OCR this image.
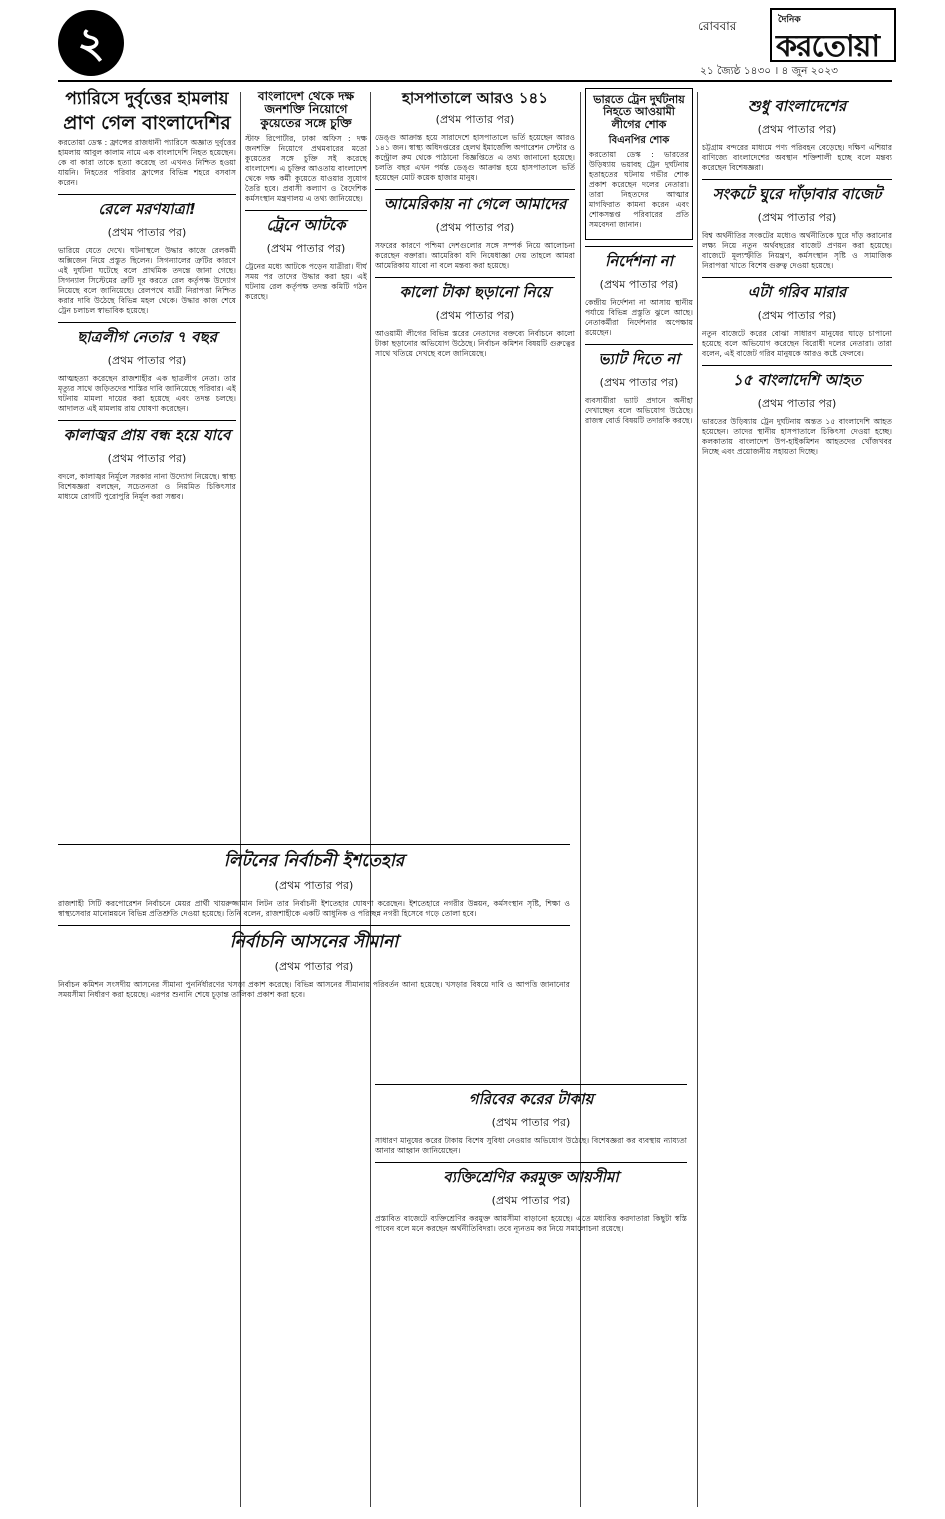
২	রোববার	দৈনিক
করতোয়া
২১ জ্যৈষ্ঠ ১৪৩০ । ৪ জুন ২০২৩
প্যারিসে দুর্বৃত্তের হামলায়
প্রাণ গেল বাংলাদেশির

করতোয়া ডেস্ক : ফ্রান্সের রাজধানী প্যারিসে অজ্ঞাত দুর্বৃত্তের হামলায় আবুল কালাম নামে এক বাংলাদেশি নিহত হয়েছেন। কে বা কারা তাকে হত্যা করেছে তা এখনও নিশ্চিত হওয়া যায়নি। নিহতের পরিবার ফ্রান্সের বিভিন্ন শহরে বসবাস করেন।

রেলে মরণযাত্রা!
(প্রথম পাতার পর)

ভারিয়ে যেতে দেখে। ঘটনাস্থলে উদ্ধার কাজে রেলকর্মী অক্সিজেন নিয়ে প্রস্তুত ছিলেন। সিগন্যালের ত্রুটির কারণে এই দুর্ঘটনা ঘটেছে বলে প্রাথমিক তদন্তে জানা গেছে। সিগন্যাল সিস্টেমের ত্রুটি দূর করতে রেল কর্তৃপক্ষ উদ্যোগ নিয়েছে বলে জানিয়েছে। রেলপথে যাত্রী নিরাপত্তা নিশ্চিত করার দাবি উঠেছে বিভিন্ন মহল থেকে। উদ্ধার কাজ শেষে ট্রেন চলাচল স্বাভাবিক হয়েছে।

ছাত্রলীগ নেতার ৭ বছর
(প্রথম পাতার পর)

আত্মহত্যা করেছেন রাজশাহীর এক ছাত্রলীগ নেতা। তার মৃত্যুর সাথে জড়িতদের শাস্তির দাবি জানিয়েছে পরিবার। এই ঘটনায় মামলা দায়ের করা হয়েছে এবং তদন্ত চলছে। আদালত এই মামলায় রায় ঘোষণা করেছেন।

কালাজ্বর প্রায় বন্ধ হয়ে যাবে
(প্রথম পাতার পর)

বদলে, কালাজ্বর নির্মূলে সরকার নানা উদ্যোগ নিয়েছে। স্বাস্থ্য বিশেষজ্ঞরা বলছেন, সচেতনতা ও নিয়মিত চিকিৎসার মাধ্যমে রোগটি পুরোপুরি নির্মূল করা সম্ভব।

বাংলাদেশ থেকে দক্ষ জনশক্তি নিয়োগে কুয়েতের সঙ্গে চুক্তি

স্টাফ রিপোর্টার, ঢাকা অফিস : দক্ষ জনশক্তি নিয়োগে প্রথমবারের মতো কুয়েতের সঙ্গে চুক্তি সই করেছে বাংলাদেশ। এ চুক্তির আওতায় বাংলাদেশ থেকে দক্ষ কর্মী কুয়েতে যাওয়ার সুযোগ তৈরি হবে। প্রবাসী কল্যাণ ও বৈদেশিক কর্মসংস্থান মন্ত্রণালয় এ তথ্য জানিয়েছে।

ট্রেনে আটকে
(প্রথম পাতার পর)

ট্রেনের মধ্যে আটকে পড়েন যাত্রীরা। দীর্ঘ সময় পর তাদের উদ্ধার করা হয়। এই ঘটনায় রেল কর্তৃপক্ষ তদন্ত কমিটি গঠন করেছে।

হাসপাতালে আরও ১৪১
(প্রথম পাতার পর)

ডেঙ্গু আক্রান্ত হয়ে সারাদেশে হাসপাতালে ভর্তি হয়েছেন আরও ১৪১ জন। স্বাস্থ্য অধিদপ্তরের হেলথ ইমার্জেন্সি অপারেশন সেন্টার ও কন্ট্রোল রুম থেকে পাঠানো বিজ্ঞপ্তিতে এ তথ্য জানানো হয়েছে। চলতি বছর এখন পর্যন্ত ডেঙ্গু আক্রান্ত হয়ে হাসপাতালে ভর্তি হয়েছেন মোট কয়েক হাজার মানুষ।

আমেরিকায় না গেলে আমাদের
(প্রথম পাতার পর)

সফরের কারণে পশ্চিমা দেশগুলোর সঙ্গে সম্পর্ক নিয়ে আলোচনা করেছেন বক্তারা। আমেরিকা যদি নিষেধাজ্ঞা দেয় তাহলে আমরা আমেরিকায় যাবো না বলে মন্তব্য করা হয়েছে।

কালো টাকা ছড়ানো নিয়ে
(প্রথম পাতার পর)

আওয়ামী লীগের বিভিন্ন স্তরের নেতাদের বক্তব্যে নির্বাচনে কালো টাকা ছড়ানোর অভিযোগ উঠেছে। নির্বাচন কমিশন বিষয়টি গুরুত্বের সাথে খতিয়ে দেখছে বলে জানিয়েছে।

ভারতে ট্রেন দুর্ঘটনায় নিহতে আওয়ামী লীগের শোক
বিএনপির শোক

করতোয়া ডেস্ক : ভারতের উড়িষ্যায় ভয়াবহ ট্রেন দুর্ঘটনায় হতাহতের ঘটনায় গভীর শোক প্রকাশ করেছেন দলের নেতারা। তারা নিহতদের আত্মার মাগফিরাত কামনা করেন এবং শোকসন্তপ্ত পরিবারের প্রতি সমবেদনা জানান।

নির্দেশনা না
(প্রথম পাতার পর)

কেন্দ্রীয় নির্দেশনা না আসায় স্থানীয় পর্যায়ে বিভিন্ন প্রস্তুতি ঝুলে আছে। নেতাকর্মীরা নির্দেশনার অপেক্ষায় রয়েছেন।

ভ্যাট দিতে না
(প্রথম পাতার পর)

ব্যবসায়ীরা ভ্যাট প্রদানে অনীহা দেখাচ্ছেন বলে অভিযোগ উঠেছে। রাজস্ব বোর্ড বিষয়টি তদারকি করছে।

শুধু বাংলাদেশের
(প্রথম পাতার পর)

চট্টগ্রাম বন্দরের মাধ্যমে পণ্য পরিবহন বেড়েছে। দক্ষিণ এশিয়ার বাণিজ্যে বাংলাদেশের অবস্থান শক্তিশালী হচ্ছে বলে মন্তব্য করেছেন বিশেষজ্ঞরা।

সংকটে ঘুরে দাঁড়াবার বাজেট
(প্রথম পাতার পর)

বিশ্ব অর্থনীতির সংকটের মধ্যেও অর্থনীতিকে ঘুরে দাঁড় করানোর লক্ষ্য নিয়ে নতুন অর্থবছরের বাজেট প্রণয়ন করা হয়েছে। বাজেটে মূল্যস্ফীতি নিয়ন্ত্রণ, কর্মসংস্থান সৃষ্টি ও সামাজিক নিরাপত্তা খাতে বিশেষ গুরুত্ব দেওয়া হয়েছে।

এটা গরিব মারার
(প্রথম পাতার পর)

নতুন বাজেটে করের বোঝা সাধারণ মানুষের ঘাড়ে চাপানো হয়েছে বলে অভিযোগ করেছেন বিরোধী দলের নেতারা। তারা বলেন, এই বাজেট গরিব মানুষকে আরও কষ্টে ফেলবে।

১৫ বাংলাদেশি আহত
(প্রথম পাতার পর)

ভারতের উড়িষ্যায় ট্রেন দুর্ঘটনায় অন্তত ১৫ বাংলাদেশি আহত হয়েছেন। তাদের স্থানীয় হাসপাতালে চিকিৎসা দেওয়া হচ্ছে। কলকাতায় বাংলাদেশ উপ-হাইকমিশন আহতদের খোঁজখবর নিচ্ছে এবং প্রয়োজনীয় সহায়তা দিচ্ছে।

লিটনের নির্বাচনী ইশতেহার
(প্রথম পাতার পর)

রাজশাহী সিটি করপোরেশন নির্বাচনে মেয়র প্রার্থী খায়রুজ্জামান লিটন তার নির্বাচনী ইশতেহার ঘোষণা করেছেন। ইশতেহারে নগরীর উন্নয়ন, কর্মসংস্থান সৃষ্টি, শিক্ষা ও স্বাস্থ্যসেবার মানোন্নয়নে বিভিন্ন প্রতিশ্রুতি দেওয়া হয়েছে। তিনি বলেন, রাজশাহীকে একটি আধুনিক ও পরিচ্ছন্ন নগরী হিসেবে গড়ে তোলা হবে।

নির্বাচনি আসনের সীমানা
(প্রথম পাতার পর)

নির্বাচন কমিশন সংসদীয় আসনের সীমানা পুনর্নির্ধারণের খসড়া প্রকাশ করেছে। বিভিন্ন আসনের সীমানায় পরিবর্তন আনা হয়েছে। খসড়ার বিষয়ে দাবি ও আপত্তি জানানোর সময়সীমা নির্ধারণ করা হয়েছে। এরপর শুনানি শেষে চূড়ান্ত তালিকা প্রকাশ করা হবে।

গরিবের করের টাকায়
(প্রথম পাতার পর)

সাধারণ মানুষের করের টাকায় বিশেষ সুবিধা নেওয়ার অভিযোগ উঠেছে। বিশেষজ্ঞরা কর ব্যবস্থায় ন্যায্যতা আনার আহ্বান জানিয়েছেন।

ব্যক্তিশ্রেণির করমুক্ত আয়সীমা
(প্রথম পাতার পর)

প্রস্তাবিত বাজেটে ব্যক্তিশ্রেণির করমুক্ত আয়সীমা বাড়ানো হয়েছে। এতে মধ্যবিত্ত করদাতারা কিছুটা স্বস্তি পাবেন বলে মনে করছেন অর্থনীতিবিদরা। তবে ন্যূনতম কর নিয়ে সমালোচনা রয়েছে।
